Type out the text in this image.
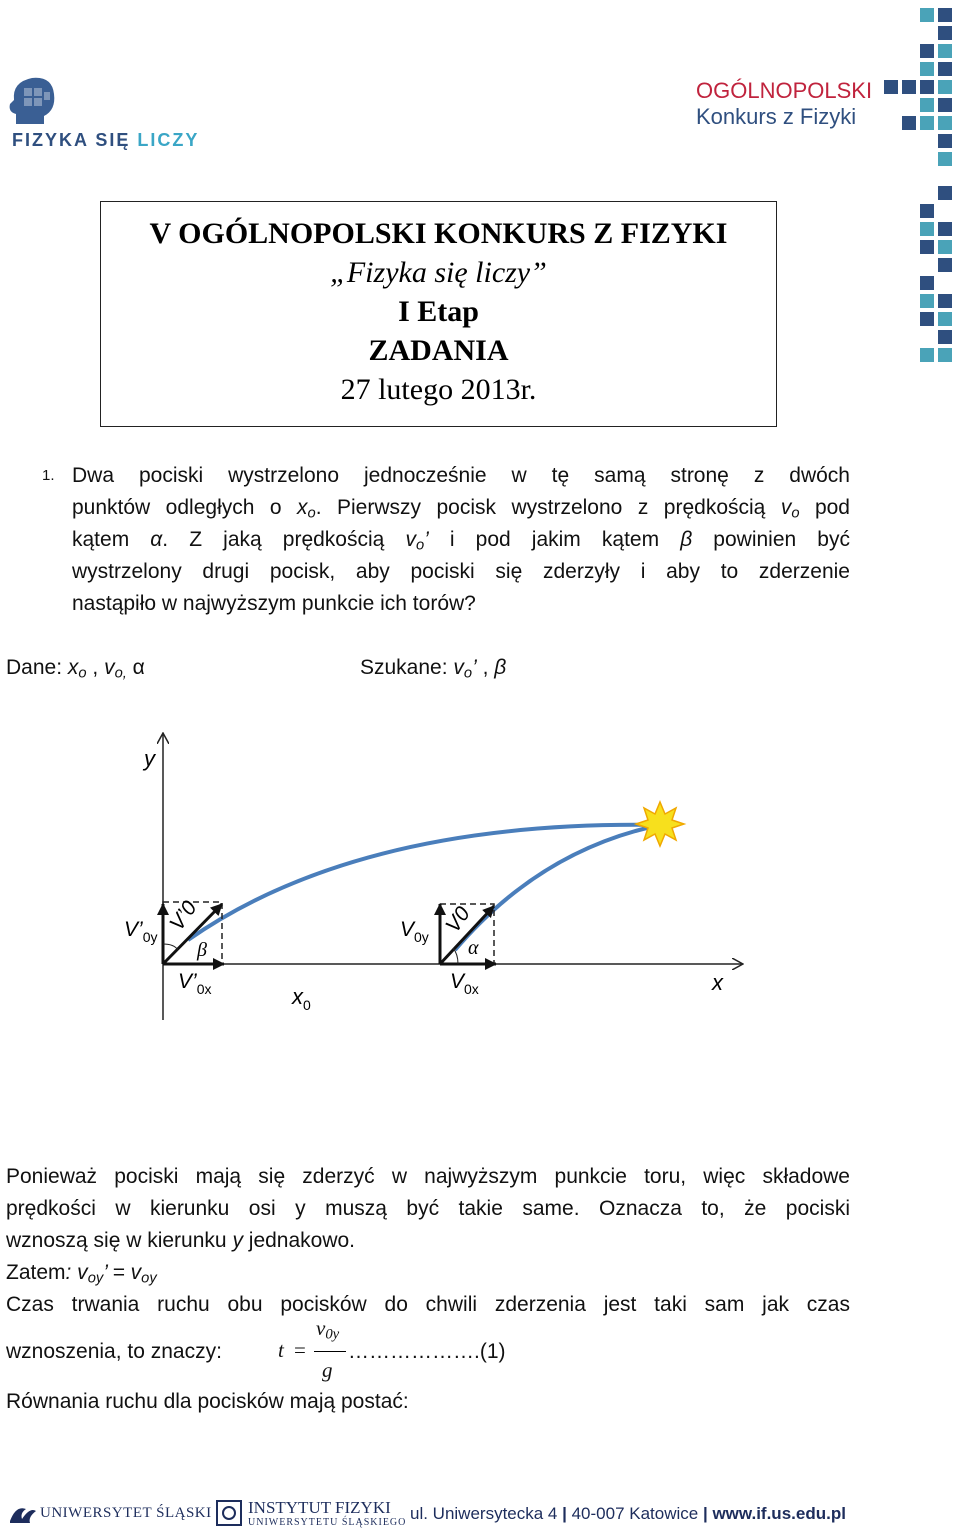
FIZYKA SIĘ LICZY
OGÓLNOPOLSKI
Konkurs z Fizyki
V OGÓLNOPOLSKI KONKURS Z FIZYKI
„Fizyka się liczy”
I Etap
ZADANIA
27 lutego 2013r.
1. Dwa pociski wystrzelono jednocześnie w tę samą stronę z dwóch
punktów odległych o $x_o$. Pierwszy pocisk wystrzelono z prędkością $v_o$ pod
kątem α. Z jaką prędkością $v_o$’ i pod jakim kątem β powinien być
wystrzelony drugi pocisk, aby pociski się zderzyły i aby to zderzenie
nastąpiło w najwyższym punkcie ich torów?
Dane: $x_o$ , $v_{o,}$ α	Szukane: $v_o$’ , β
y
x
$V’_{0y}$
V’0
β
$V’_{0x}$	$x_0$
$V_{0y}$
V0
α
$V_{0x}$
Ponieważ pociski mają się zderzyć w najwyższym punkcie toru, więc składowe
prędkości w kierunku osi y muszą być takie same. Oznacza to, że pociski
wznoszą się w kierunku y jednakowo.
Zatem: $v_{oy}$’ = $v_{oy}$
Czas trwania ruchu obu pocisków do chwili zderzenia jest taki sam jak czas
wznoszenia, to znaczy:	t =
$v_{0y}$
g
……………….(1)
Równania ruchu dla pocisków mają postać:
UNIWERSYTET ŚLĄSKI INSTYTUT FIZYKI
UNIWERSYTETU ŚLĄSKIEGO ul. Uniwersytecka 4 | 40-007 Katowice | www.if.us.edu.pl
